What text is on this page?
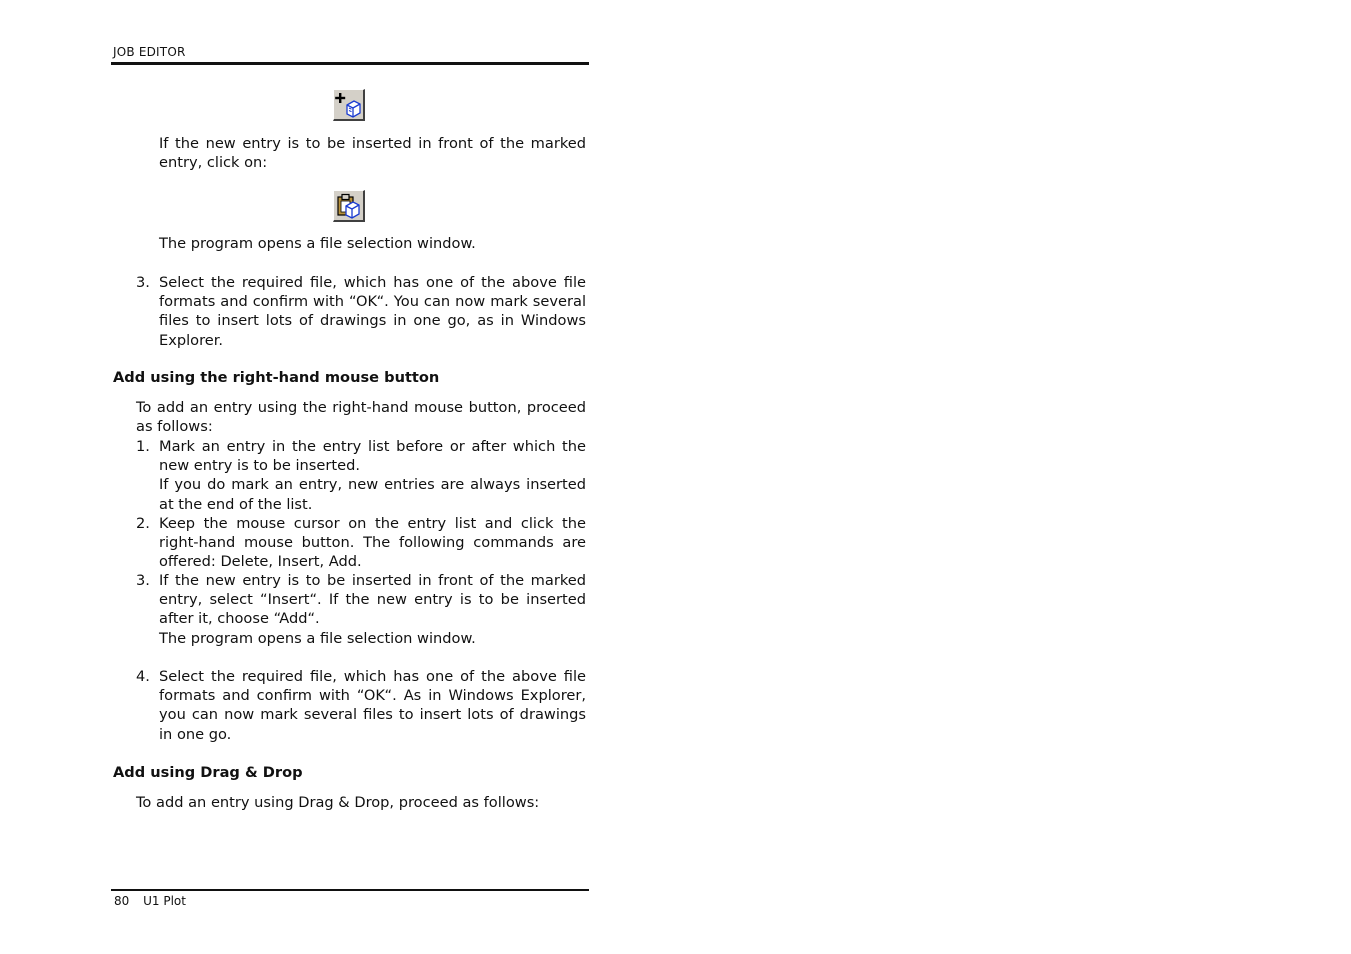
JOB EDITOR
If the new entry is to be inserted in front of the marked entry, click on:
The program opens a file selection window.
3. Select the required file, which has one of the above file formats and confirm with “OK“. You can now mark several files to insert lots of drawings in one go, as in Windows Explorer.
Add using the right-hand mouse button
To add an entry using the right-hand mouse button, proceed as follows:
1. Mark an entry in the entry list before or after which the new entry is to be inserted.
If you do mark an entry, new entries are always inserted at the end of the list.
2. Keep the mouse cursor on the entry list and click the right-hand mouse button. The following commands are offered: Delete, Insert, Add.
3. If the new entry is to be inserted in front of the marked entry, select “Insert“. If the new entry is to be inserted after it, choose “Add“.
The program opens a file selection window.
4. Select the required file, which has one of the above file formats and confirm with “OK“. As in Windows Explorer, you can now mark several files to insert lots of drawings in one go.
Add using Drag & Drop
To add an entry using Drag & Drop, proceed as follows:
80 U1 Plot
